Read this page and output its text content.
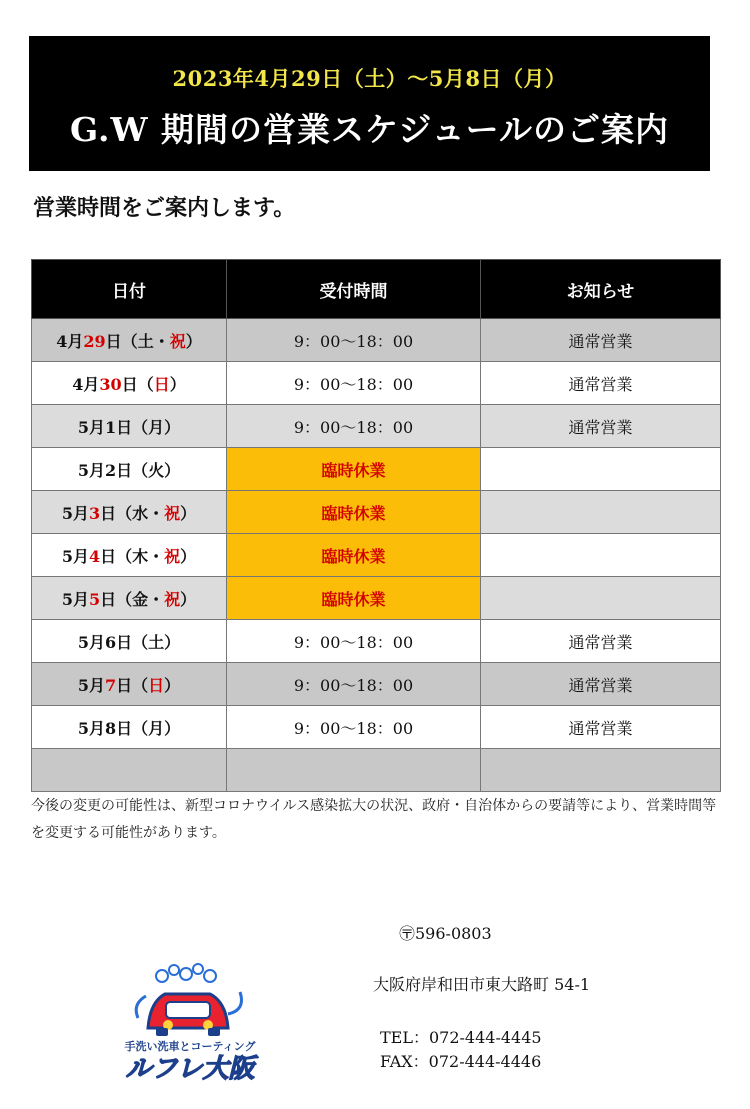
2023年4月29日（土）～5月8日（月）
G.W 期間の営業スケジュールのご案内
営業時間をご案内します。
日付	受付時間	お知らせ
4月29日（土・祝）	9：00～18：00	通常営業
4月30日（日）	9：00～18：00	通常営業
5月1日（月）	9：00～18：00	通常営業
5月2日（火）	臨時休業	
5月3日（水・祝）	臨時休業	
5月4日（木・祝）	臨時休業	
5月5日（金・祝）	臨時休業	
5月6日（土）	9：00～18：00	通常営業
5月7日（日）	9：00～18：00	通常営業
5月8日（月）	9：00～18：00	通常営業

今後の変更の可能性は、新型コロナウイルス感染拡大の状況、政府・自治体からの要請等により、営業時間等を変更する可能性があります。
〶596-0803
大阪府岸和田市東大路町 54-1
TEL：072-444-4445
FAX：072-444-4446
手洗い洗車とコーティング
ルフレ大阪
